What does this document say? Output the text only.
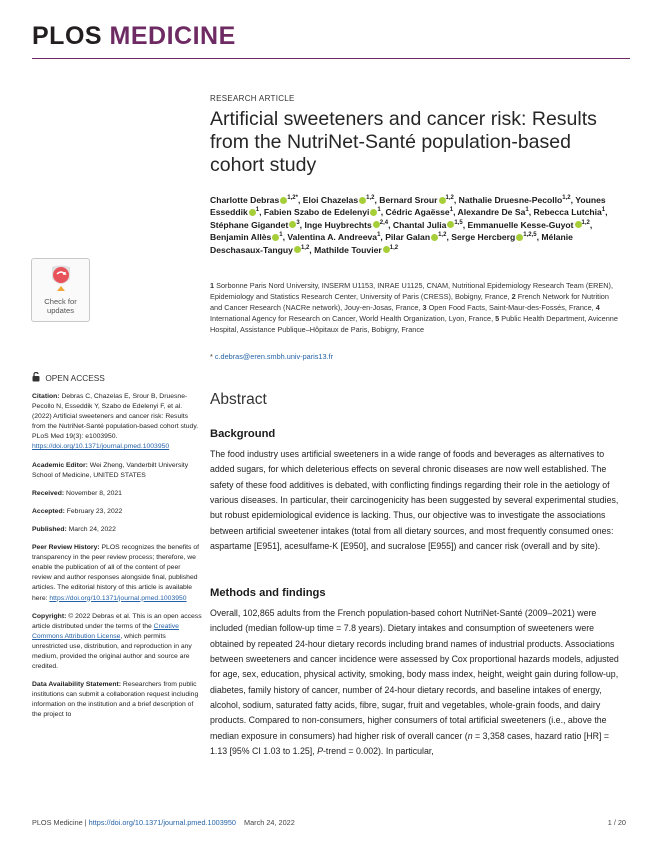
PLOS MEDICINE
Check for
updates
OPEN ACCESS
Citation: Debras C, Chazelas E, Srour B, Druesne-Pecollo N, Esseddik Y, Szabo de Edelenyi F, et al. (2022) Artificial sweeteners and cancer risk: Results from the NutriNet-Santé population-based cohort study. PLoS Med 19(3): e1003950. https://doi.org/10.1371/journal.pmed.1003950
Academic Editor: Wei Zheng, Vanderbilt University School of Medicine, UNITED STATES
Received: November 8, 2021
Accepted: February 23, 2022
Published: March 24, 2022
Peer Review History: PLOS recognizes the benefits of transparency in the peer review process; therefore, we enable the publication of all of the content of peer review and author responses alongside final, published articles. The editorial history of this article is available here: https://doi.org/10.1371/journal.pmed.1003950
Copyright: © 2022 Debras et al. This is an open access article distributed under the terms of the Creative Commons Attribution License, which permits unrestricted use, distribution, and reproduction in any medium, provided the original author and source are credited.
Data Availability Statement: Researchers from public institutions can submit a collaboration request including information on the institution and a brief description of the project to
RESEARCH ARTICLE
Artificial sweeteners and cancer risk: Results from the NutriNet-Santé population-based cohort study
Charlotte Debras $^{1,2*}$, Eloi Chazelas $^{1,2}$, Bernard Srour $^{1,2}$, Nathalie Druesne-Pecollo$^{1,2}$, Younes Esseddik $^1$, Fabien Szabo de Edelenyi $^1$, Cédric Agaësse$^1$, Alexandre De Sa$^1$, Rebecca Lutchia$^1$, Stéphane Gigandet $^3$, Inge Huybrechts $^{2,4}$, Chantal Julia $^{1,5}$, Emmanuelle Kesse-Guyot $^{1,2}$, Benjamin Allès $^1$, Valentina A. Andreeva$^1$, Pilar Galan $^{1,2}$, Serge Hercberg $^{1,2,5}$, Mélanie Deschasaux-Tanguy $^{1,2}$, Mathilde Touvier $^{1,2}$
1 Sorbonne Paris Nord University, INSERM U1153, INRAE U1125, CNAM, Nutritional Epidemiology Research Team (EREN), Epidemiology and Statistics Research Center, University of Paris (CRESS), Bobigny, France, 2 French Network for Nutrition and Cancer Research (NACRe network), Jouy-en-Josas, France, 3 Open Food Facts, Saint-Maur-des-Fossés, France, 4 International Agency for Research on Cancer, World Health Organization, Lyon, France, 5 Public Health Department, Avicenne Hospital, Assistance Publique–Hôpitaux de Paris, Bobigny, France
* c.debras@eren.smbh.univ-paris13.fr
Abstract
Background

The food industry uses artificial sweeteners in a wide range of foods and beverages as alternatives to added sugars, for which deleterious effects on several chronic diseases are now well established. The safety of these food additives is debated, with conflicting findings regarding their role in the aetiology of various diseases. In particular, their carcinogenicity has been suggested by several experimental studies, but robust epidemiological evidence is lacking. Thus, our objective was to investigate the associations between artificial sweetener intakes (total from all dietary sources, and most frequently consumed ones: aspartame [E951], acesulfame-K [E950], and sucralose [E955]) and cancer risk (overall and by site).

Methods and findings

Overall, 102,865 adults from the French population-based cohort NutriNet-Santé (2009–2021) were included (median follow-up time = 7.8 years). Dietary intakes and consumption of sweeteners were obtained by repeated 24-hour dietary records including brand names of industrial products. Associations between sweeteners and cancer incidence were assessed by Cox proportional hazards models, adjusted for age, sex, education, physical activity, smoking, body mass index, height, weight gain during follow-up, diabetes, family history of cancer, number of 24-hour dietary records, and baseline intakes of energy, alcohol, sodium, saturated fatty acids, fibre, sugar, fruit and vegetables, whole-grain foods, and dairy products. Compared to non-consumers, higher consumers of total artificial sweeteners (i.e., above the median exposure in consumers) had higher risk of overall cancer (n = 3,358 cases, hazard ratio [HR] = 1.13 [95% CI 1.03 to 1.25], P-trend = 0.002). In particular,

PLOS Medicine | https://doi.org/10.1371/journal.pmed.1003950 March 24, 2022	1 / 20
